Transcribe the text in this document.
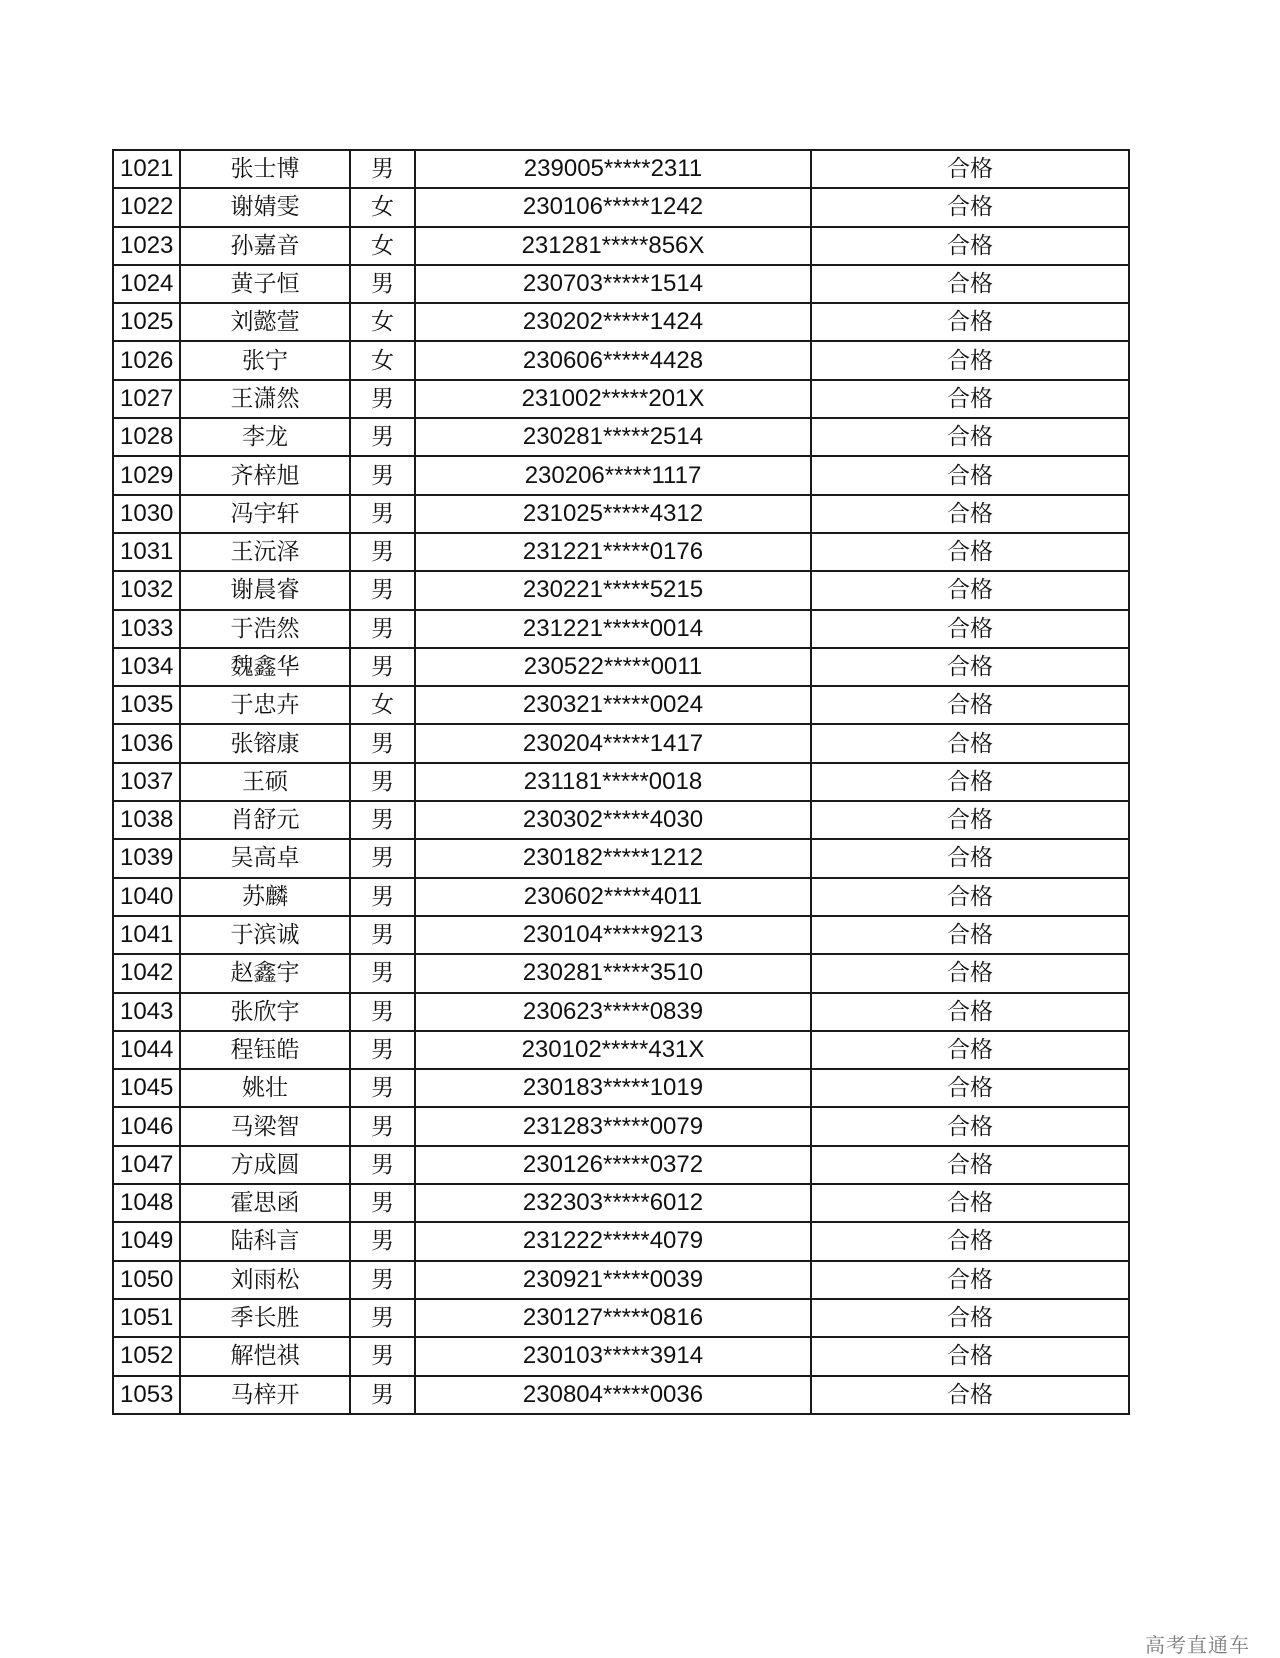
1021	张士博	男	239005*****2311	合格
1022	谢婧雯	女	230106*****1242	合格
1023	孙嘉音	女	231281*****856X	合格
1024	黄子恒	男	230703*****1514	合格
1025	刘懿萱	女	230202*****1424	合格
1026	张宁	女	230606*****4428	合格
1027	王潇然	男	231002*****201X	合格
1028	李龙	男	230281*****2514	合格
1029	齐梓旭	男	230206*****1117	合格
1030	冯宇轩	男	231025*****4312	合格
1031	王沅泽	男	231221*****0176	合格
1032	谢晨睿	男	230221*****5215	合格
1033	于浩然	男	231221*****0014	合格
1034	魏鑫华	男	230522*****0011	合格
1035	于忠卉	女	230321*****0024	合格
1036	张镕康	男	230204*****1417	合格
1037	王硕	男	231181*****0018	合格
1038	肖舒元	男	230302*****4030	合格
1039	吴高卓	男	230182*****1212	合格
1040	苏麟	男	230602*****4011	合格
1041	于滨诚	男	230104*****9213	合格
1042	赵鑫宇	男	230281*****3510	合格
1043	张欣宇	男	230623*****0839	合格
1044	程钰皓	男	230102*****431X	合格
1045	姚壮	男	230183*****1019	合格
1046	马梁智	男	231283*****0079	合格
1047	方成圆	男	230126*****0372	合格
1048	霍思函	男	232303*****6012	合格
1049	陆科言	男	231222*****4079	合格
1050	刘雨松	男	230921*****0039	合格
1051	季长胜	男	230127*****0816	合格
1052	解恺祺	男	230103*****3914	合格
1053	马梓开	男	230804*****0036	合格
高考直通车
